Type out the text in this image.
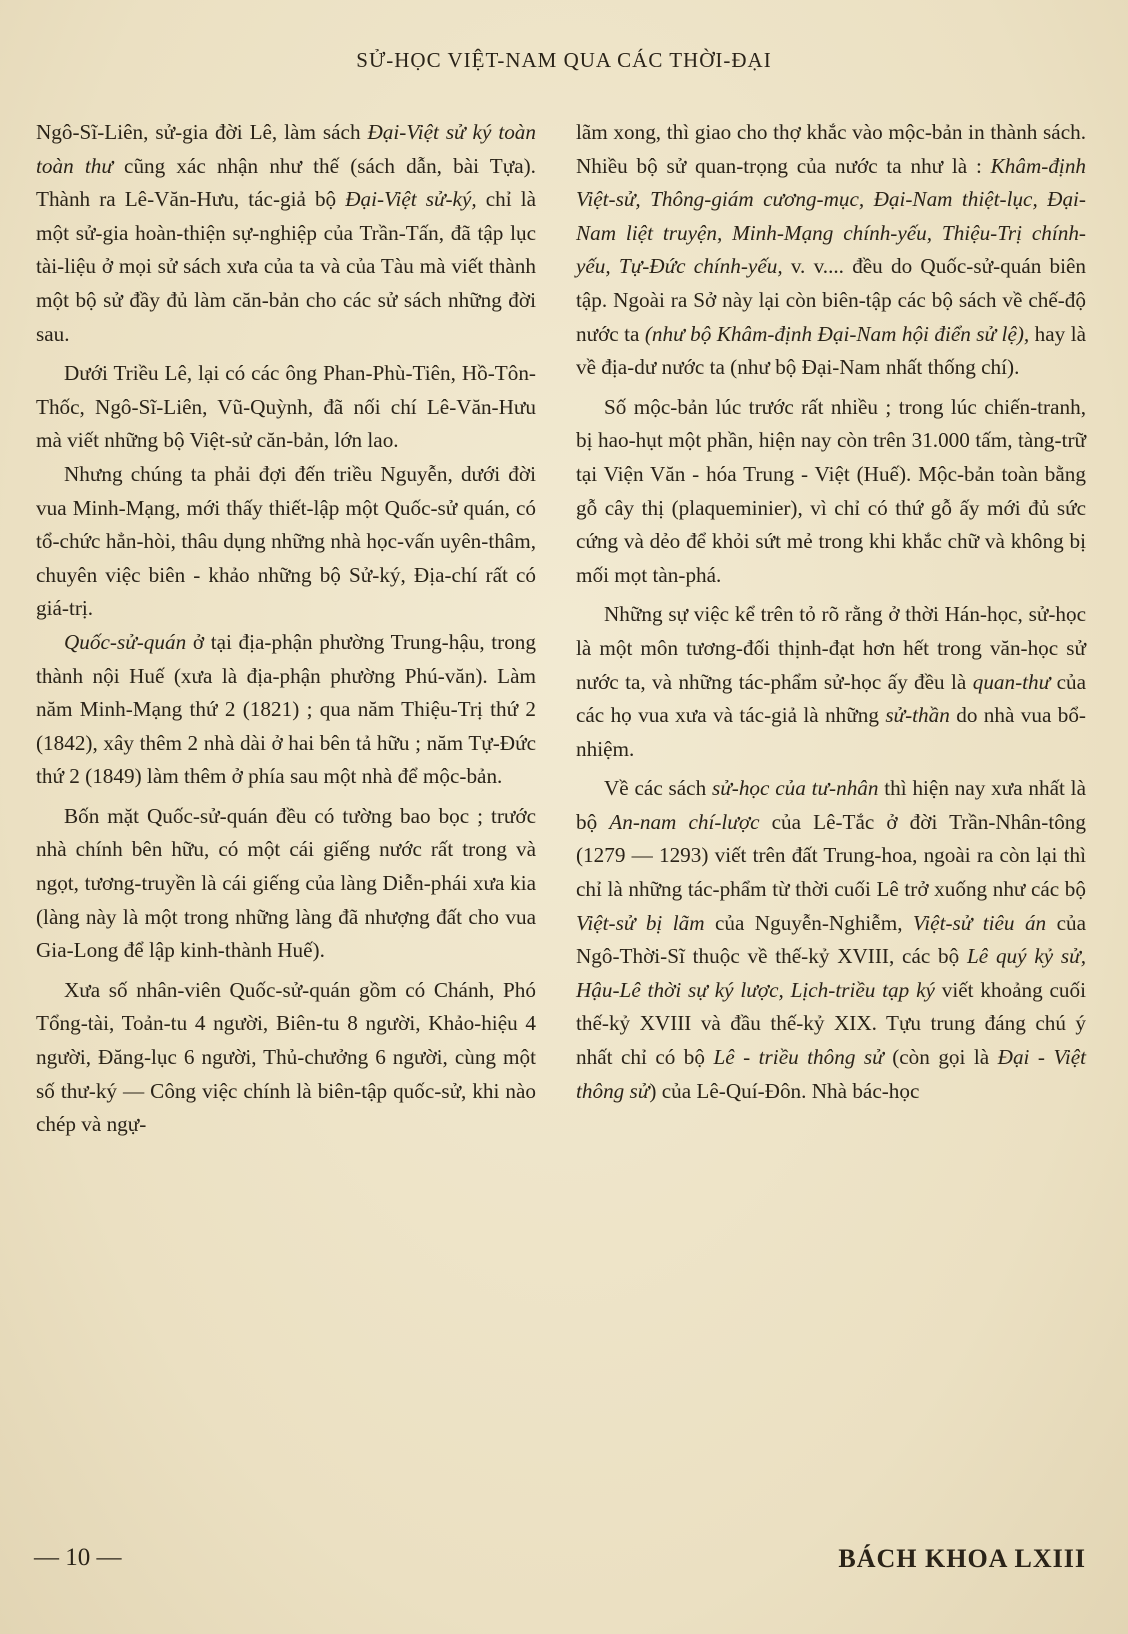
SỬ-HỌC VIỆT-NAM QUA CÁC THỜI-ĐẠI

Ngô-Sĩ-Liên, sử-gia đời Lê, làm sách Đại-Việt sử ký toàn toàn thư cũng xác nhận như thế (sách dẫn, bài Tựa). Thành ra Lê-Văn-Hưu, tác-giả bộ Đại-Việt sử-ký, chỉ là một sử-gia hoàn-thiện sự-nghiệp của Trần-Tấn, đã tập lục tài-liệu ở mọi sử sách xưa của ta và của Tàu mà viết thành một bộ sử đầy đủ làm căn-bản cho các sử sách những đời sau.

Dưới Triều Lê, lại có các ông Phan-Phù-Tiên, Hồ-Tôn-Thốc, Ngô-Sĩ-Liên, Vũ-Quỳnh, đã nối chí Lê-Văn-Hưu mà viết những bộ Việt-sử căn-bản, lớn lao.

Nhưng chúng ta phải đợi đến triều Nguyễn, dưới đời vua Minh-Mạng, mới thấy thiết-lập một Quốc-sử quán, có tổ-chức hẳn-hòi, thâu dụng những nhà học-vấn uyên-thâm, chuyên việc biên - khảo những bộ Sử-ký, Địa-chí rất có giá-trị.

Quốc-sử-quán ở tại địa-phận phường Trung-hậu, trong thành nội Huế (xưa là địa-phận phường Phú-văn). Làm năm Minh-Mạng thứ 2 (1821) ; qua năm Thiệu-Trị thứ 2 (1842), xây thêm 2 nhà dài ở hai bên tả hữu ; năm Tự-Đức thứ 2 (1849) làm thêm ở phía sau một nhà để mộc-bản.

Bốn mặt Quốc-sử-quán đều có tường bao bọc ; trước nhà chính bên hữu, có một cái giếng nước rất trong và ngọt, tương-truyền là cái giếng của làng Diễn-phái xưa kia (làng này là một trong những làng đã nhượng đất cho vua Gia-Long để lập kinh-thành Huế).

Xưa số nhân-viên Quốc-sử-quán gồm có Chánh, Phó Tổng-tài, Toản-tu 4 người, Biên-tu 8 người, Khảo-hiệu 4 người, Đăng-lục 6 người, Thủ-chưởng 6 người, cùng một số thư-ký — Công việc chính là biên-tập quốc-sử, khi nào chép và ngự-

lãm xong, thì giao cho thợ khắc vào mộc-bản in thành sách. Nhiều bộ sử quan-trọng của nước ta như là : Khâm-định Việt-sử, Thông-giám cương-mục, Đại-Nam thiệt-lục, Đại-Nam liệt truyện, Minh-Mạng chính-yếu, Thiệu-Trị chính-yếu, Tự-Đức chính-yếu, v. v.... đều do Quốc-sử-quán biên tập. Ngoài ra Sở này lại còn biên-tập các bộ sách về chế-độ nước ta (như bộ Khâm-định Đại-Nam hội điển sử lệ), hay là về địa-dư nước ta (như bộ Đại-Nam nhất thống chí).

Số mộc-bản lúc trước rất nhiều ; trong lúc chiến-tranh, bị hao-hụt một phần, hiện nay còn trên 31.000 tấm, tàng-trữ tại Viện Văn - hóa Trung - Việt (Huế). Mộc-bản toàn bằng gỗ cây thị (plaqueminier), vì chỉ có thứ gỗ ấy mới đủ sức cứng và dẻo để khỏi sứt mẻ trong khi khắc chữ và không bị mối mọt tàn-phá.

Những sự việc kể trên tỏ rõ rằng ở thời Hán-học, sử-học là một môn tương-đối thịnh-đạt hơn hết trong văn-học sử nước ta, và những tác-phẩm sử-học ấy đều là quan-thư của các họ vua xưa và tác-giả là những sử-thần do nhà vua bổ-nhiệm.

Về các sách sử-học của tư-nhân thì hiện nay xưa nhất là bộ An-nam chí-lược của Lê-Tắc ở đời Trần-Nhân-tông (1279 — 1293) viết trên đất Trung-hoa, ngoài ra còn lại thì chỉ là những tác-phẩm từ thời cuối Lê trở xuống như các bộ Việt-sử bị lãm của Nguyễn-Nghiễm, Việt-sử tiêu án của Ngô-Thời-Sĩ thuộc về thế-kỷ XVIII, các bộ Lê quý kỷ sử, Hậu-Lê thời sự ký lược, Lịch-triều tạp ký viết khoảng cuối thế-kỷ XVIII và đầu thế-kỷ XIX. Tựu trung đáng chú ý nhất chỉ có bộ Lê - triều thông sử (còn gọi là Đại - Việt thông sử) của Lê-Quí-Đôn. Nhà bác-học

— 10 —	BÁCH KHOA LXIII
